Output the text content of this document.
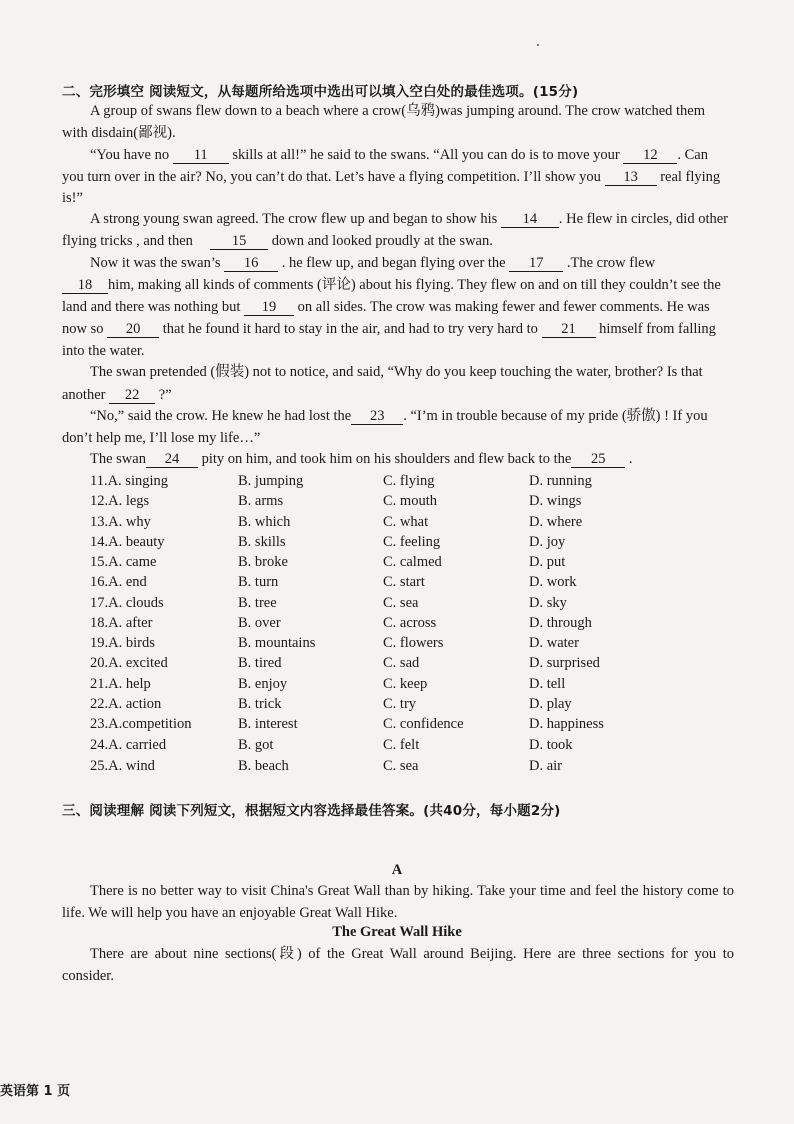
二、完形填空 阅读短文，从每题所给选项中选出可以填入空白处的最佳选项。(15分)
A group of swans flew down to a beach where a crow(乌鸦)was jumping around. The crow watched them
with disdain(鄙视).
“You have no 11 skills at all!” he said to the swans. “All you can do is to move your 12 . Can
you turn over in the air? No, you can’t do that. Let’s have a flying competition. I’ll show you 13 real flying
is!”
A strong young swan agreed. The crow flew up and began to show his 14 . He flew in circles, did other
flying tricks , and then	15 down and looked proudly at the swan.
Now it was the swan’s 16 . he flew up, and began flying over the 17 .The crow flew
18 him, making all kinds of comments (评论) about his flying. They flew on and on till they couldn’t see the
land and there was nothing but 19 on all sides. The crow was making fewer and fewer comments. He was
now so 20 that he found it hard to stay in the air, and had to try very hard to 21 himself from falling
into the water.
The swan pretended (假装) not to notice, and said, “Why do you keep touching the water, brother? Is that
another 22 ?”
“No,” said the crow. He knew he had lost the 23 . “I’m in trouble because of my pride (骄傲) ! If you
don’t help me, I’ll lose my life…”
The swan 24 pity on him, and took him on his shoulders and flew back to the 25 .
11.A. singing	B. jumping	C. flying	D. running
12.A. legs	B. arms	C. mouth	D. wings
13.A. why	B. which	C. what	D. where
14.A. beauty	B. skills	C. feeling	D. joy
15.A. came	B. broke	C. calmed	D. put
16.A. end	B. turn	C. start	D. work
17.A. clouds	B. tree	C. sea	D. sky
18.A. after	B. over	C. across	D. through
19.A. birds	B. mountains	C. flowers	D. water
20.A. excited	B. tired	C. sad	D. surprised
21.A. help	B. enjoy	C. keep	D. tell
22.A. action	B. trick	C. try	D. play
23.A.competition	B. interest	C. confidence	D. happiness
24.A. carried	B. got	C. felt	D. took
25.A. wind	B. beach	C. sea	D. air
三、阅读理解 阅读下列短文，根据短文内容选择最佳答案。(共40分，每小题2分)
A
There is no better way to visit China's Great Wall than by hiking. Take your time and feel the history come to
life. We will help you have an enjoyable Great Wall Hike.
The Great Wall Hike
There are about nine sections(段) of the Great Wall around Beijing. Here are three sections for you to
consider.
英语第 1 页
